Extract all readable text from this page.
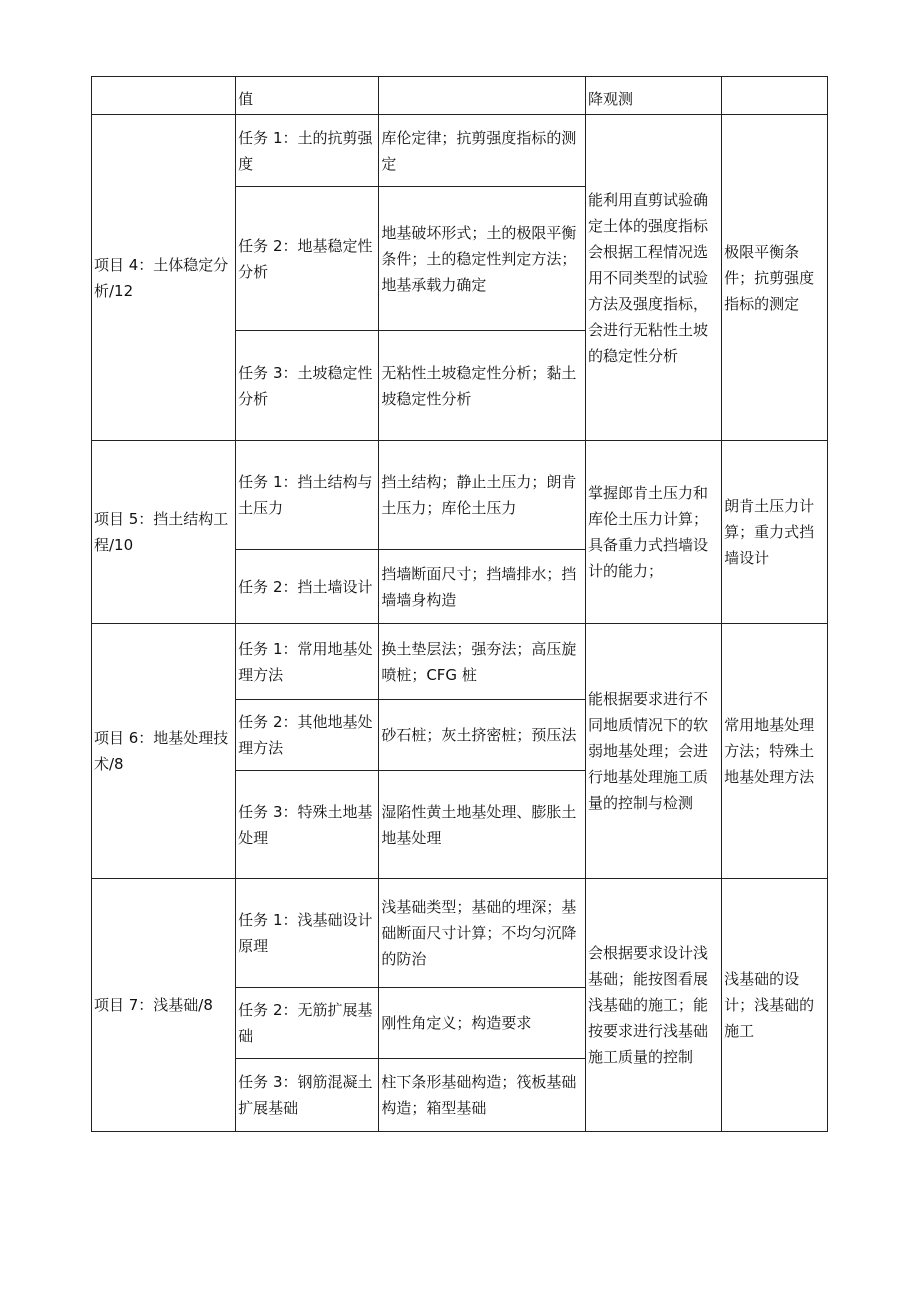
	值		降观测	
项目 4：土体稳定分析/12	任务 1：土的抗剪强度	库伦定律；抗剪强度指标的测定	能利用直剪试验确定土体的强度指标会根据工程情况选用不同类型的试验方法及强度指标，会进行无粘性土坡的稳定性分析	极限平衡条件；抗剪强度指标的测定
	任务 2：地基稳定性分析	地基破坏形式；土的极限平衡条件；土的稳定性判定方法；地基承载力确定		
	任务 3：土坡稳定性分析	无粘性土坡稳定性分析；黏土坡稳定性分析		
项目 5：挡土结构工程/10	任务 1：挡土结构与土压力	挡土结构；静止土压力；朗肯土压力；库伦土压力	掌握郎肯土压力和库伦土压力计算；具备重力式挡墙设计的能力；	朗肯土压力计算；重力式挡墙设计
	任务 2：挡土墙设计	挡墙断面尺寸；挡墙排水；挡墙墙身构造		
项目 6：地基处理技术/8	任务 1：常用地基处理方法	换土垫层法；强夯法；高压旋喷桩；CFG 桩	能根据要求进行不同地质情况下的软弱地基处理；会进行地基处理施工质量的控制与检测	常用地基处理方法；特殊土地基处理方法
	任务 2：其他地基处理方法	砂石桩；灰土挤密桩；预压法		
	任务 3：特殊土地基处理	湿陷性黄土地基处理、膨胀土地基处理		
项目 7：浅基础/8	任务 1：浅基础设计原理	浅基础类型；基础的埋深；基础断面尺寸计算；不均匀沉降的防治	会根据要求设计浅基础；能按图看展浅基础的施工；能按要求进行浅基础施工质量的控制	浅基础的设计；浅基础的施工
	任务 2：无筋扩展基础	刚性角定义；构造要求		
	任务 3：钢筋混凝土扩展基础	柱下条形基础构造；筏板基础构造；箱型基础		
